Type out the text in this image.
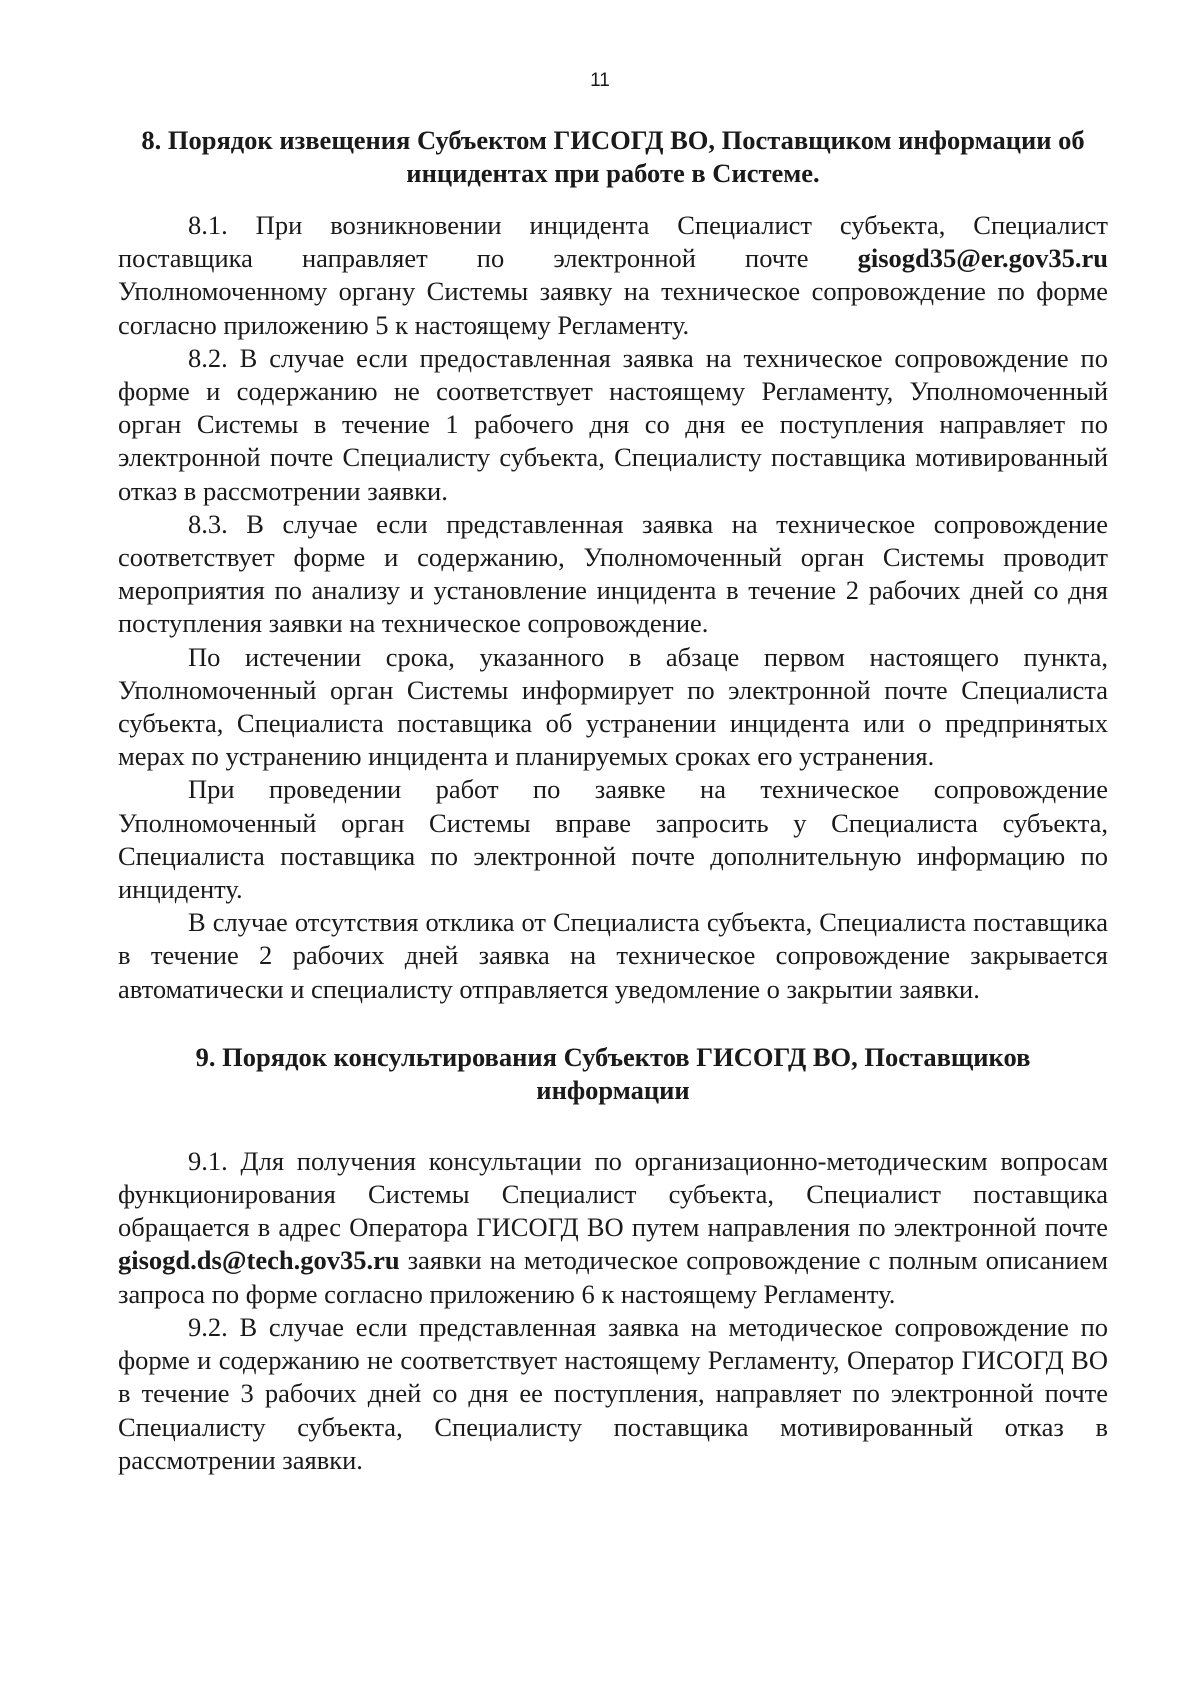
11
8. Порядок извещения Субъектом ГИСОГД ВО, Поставщиком информации об инцидентах при работе в Системе.

8.1. При возникновении инцидента Специалист субъекта, Специалист поставщика направляет по электронной почте gisogd35@er.gov35.ru Уполномоченному органу Системы заявку на техническое сопровождение по форме согласно приложению 5 к настоящему Регламенту.

8.2. В случае если предоставленная заявка на техническое сопровождение по форме и содержанию не соответствует настоящему Регламенту, Уполномоченный орган Системы в течение 1 рабочего дня со дня ее поступления направляет по электронной почте Специалисту субъекта, Специалисту поставщика мотивированный отказ в рассмотрении заявки.

8.3. В случае если представленная заявка на техническое сопровождение соответствует форме и содержанию, Уполномоченный орган Системы проводит мероприятия по анализу и установление инцидента в течение 2 рабочих дней со дня поступления заявки на техническое сопровождение.

По истечении срока, указанного в абзаце первом настоящего пункта, Уполномоченный орган Системы информирует по электронной почте Специалиста субъекта, Специалиста поставщика об устранении инцидента или о предпринятых мерах по устранению инцидента и планируемых сроках его устранения.

При проведении работ по заявке на техническое сопровождение Уполномоченный орган Системы вправе запросить у Специалиста субъекта, Специалиста поставщика по электронной почте дополнительную информацию по инциденту.

В случае отсутствия отклика от Специалиста субъекта, Специалиста поставщика в течение 2 рабочих дней заявка на техническое сопровождение закрывается автоматически и специалисту отправляется уведомление о закрытии заявки.

9. Порядок консультирования Субъектов ГИСОГД ВО, Поставщиков информации

9.1. Для получения консультации по организационно-методическим вопросам функционирования Системы Специалист субъекта, Специалист поставщика обращается в адрес Оператора ГИСОГД ВО путем направления по электронной почте gisogd.ds@tech.gov35.ru заявки на методическое сопровождение с полным описанием запроса по форме согласно приложению 6 к настоящему Регламенту.

9.2. В случае если представленная заявка на методическое сопровождение по форме и содержанию не соответствует настоящему Регламенту, Оператор ГИСОГД ВО в течение 3 рабочих дней со дня ее поступления, направляет по электронной почте Специалисту субъекта, Специалисту поставщика мотивированный отказ в рассмотрении заявки.
